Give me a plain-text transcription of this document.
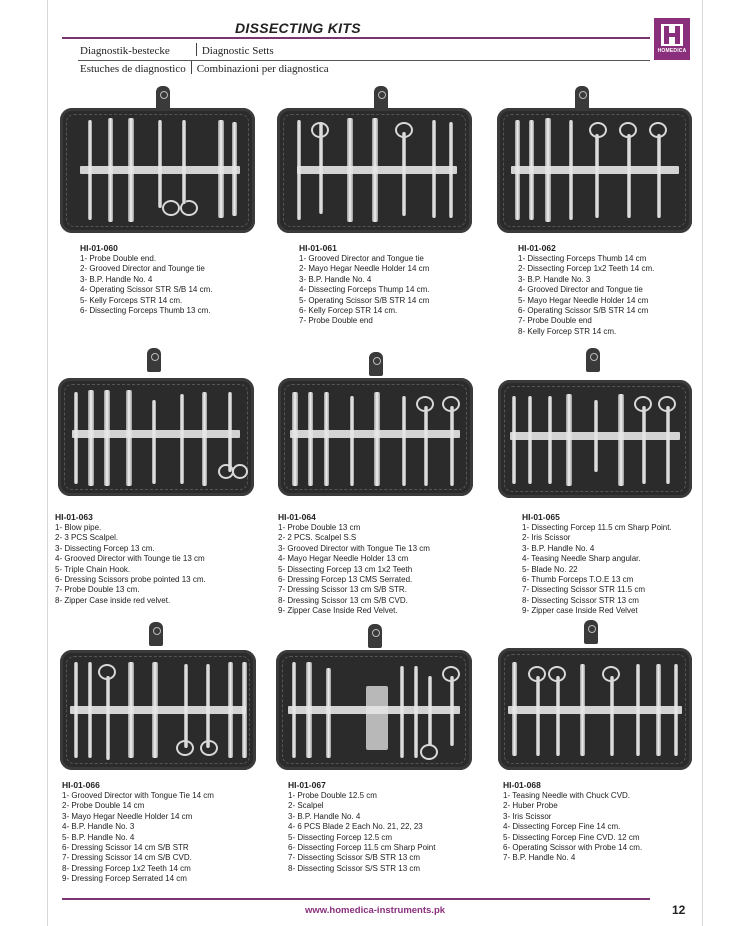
DISSECTING KITS
Diagnostik-bestecke	Diagnostic Setts
Estuches de diagnostico Combinazioni per diagnostica
HOMEDICA
HI-01-060
1- Probe Double end.
2- Grooved Director and Tounge tie
3- B.P. Handle No. 4
4- Operating Scissor STR S/B 14 cm.
5- Kelly Forceps STR 14 cm.
6- Dissecting Forceps Thumb 13 cm.
HI-01-061
1- Grooved Director and Tongue tie
2- Mayo Hegar Needle Holder 14 cm
3- B.P. Handle No. 4
4- Dissecting Forceps Thump 14 cm.
5- Operating Scissor S/B STR 14 cm
6- Kelly Forcep STR 14 cm.
7- Probe Double end
HI-01-062
1- Dissecting Forceps Thumb 14 cm
2- Dissecting Forcep 1x2 Teeth 14 cm.
3- B.P. Handle No. 3
4- Grooved Director and Tongue tie
5- Mayo Hegar Needle Holder 14 cm
6- Operating Scissor S/B STR 14 cm
7- Probe Double end
8- Kelly Forcep STR 14 cm.
HI-01-063
1- Blow pipe.
2- 3 PCS Scalpel.
3- Dissecting Forcep 13 cm.
4- Grooved Director with Tounge tie 13 cm
5- Triple Chain Hook.
6- Dressing Scissors probe pointed 13 cm.
7- Probe Double 13 cm.
8- Zipper Case inside red velvet.
HI-01-064
1- Probe Double 13 cm
2- 2 PCS. Scalpel S.S
3- Grooved Director with Tongue Tie 13 cm
4- Mayo Hegar Needle Holder 13 cm
5- Dissecting Forcep 13 cm 1x2 Teeth
6- Dressing Forcep 13 CMS Serrated.
7- Dressing Scissor 13 cm S/B STR.
8- Dressing Scissor 13 cm S/B CVD.
9- Zipper Case Inside Red Velvet.
HI-01-065
1- Dissecting Forcep 11.5 cm Sharp Point.
2- Iris Scissor
3- B.P. Handle No. 4
4- Teasing Needle Sharp angular.
5- Blade No. 22
6- Thumb Forceps T.O.E 13 cm
7- Dissecting Scissor STR 11.5 cm
8- Dissecting Scissor STR 13 cm
9- Zipper case Inside Red Velvet
HI-01-066
1- Grooved Director with Tongue Tie 14 cm
2- Probe Double 14 cm
3- Mayo Hegar Needle Holder 14 cm
4- B.P. Handle No. 3
5- B.P. Handle No. 4
6- Dressing Scissor 14 cm S/B STR
7- Dressing Scissor 14 cm S/B CVD.
8- Dressing Forcep 1x2 Teeth 14 cm
9- Dressing Forcep Serrated 14 cm
HI-01-067
1- Probe Double 12.5 cm
2- Scalpel
3- B.P. Handle No. 4
4- 6 PCS Blade 2 Each No. 21, 22, 23
5- Dissecting Forcep 12.5 cm
6- Dissecting Forcep 11.5 cm Sharp Point
7- Dissecting Scissor S/B STR 13 cm
8- Dissecting Scissor S/S STR 13 cm
HI-01-068
1- Teasing Needle with Chuck CVD.
2- Huber Probe
3- Iris Scissor
4- Dissecting Forcep Fine 14 cm.
5- Dissecting Forcep Fine CVD. 12 cm
6- Operating Scissor with Probe 14 cm.
7- B.P. Handle No. 4
www.homedica-instruments.pk	12
